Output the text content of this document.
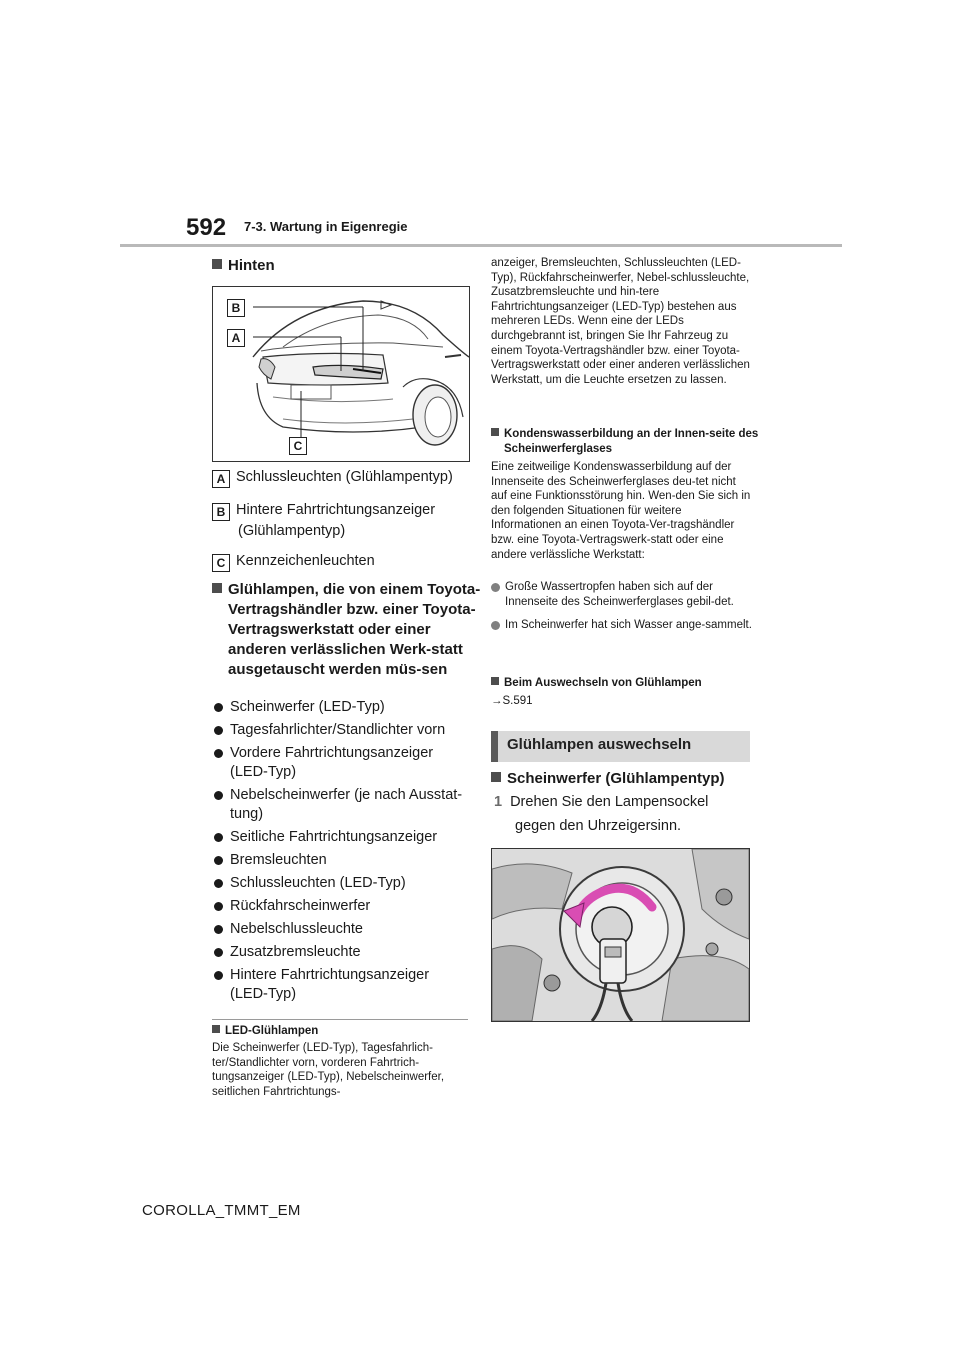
592 7-3. Wartung in Eigenregie
Hinten
B
A
C
A Schlussleuchten (Glühlampentyp)
B Hintere Fahrtrichtungsanzeiger
(Glühlampentyp)
C Kennzeichenleuchten
Glühlampen, die von einem Toyota-Vertragshändler bzw. einer Toyota-Vertragswerkstatt oder einer anderen verlässlichen Werk-statt ausgetauscht werden müs-sen
Scheinwerfer (LED-Typ)
Tagesfahrlichter/Standlichter vorn
Vordere Fahrtrichtungsanzeiger (LED-Typ)
Nebelscheinwerfer (je nach Ausstat-tung)
Seitliche Fahrtrichtungsanzeiger
Bremsleuchten
Schlussleuchten (LED-Typ)
Rückfahrscheinwerfer
Nebelschlussleuchte
Zusatzbremsleuchte
Hintere Fahrtrichtungsanzeiger (LED-Typ)
LED-Glühlampen
Die Scheinwerfer (LED-Typ), Tagesfahrlich-ter/Standlichter vorn, vorderen Fahrtrich-tungsanzeiger (LED-Typ), Nebelscheinwerfer, seitlichen Fahrtrichtungs-
anzeiger, Bremsleuchten, Schlussleuchten (LED-Typ), Rückfahrscheinwerfer, Nebel-schlussleuchte, Zusatzbremsleuchte und hin-tere Fahrtrichtungsanzeiger (LED-Typ) bestehen aus mehreren LEDs. Wenn eine der LEDs durchgebrannt ist, bringen Sie Ihr Fahrzeug zu einem Toyota-Vertragshändler bzw. einer Toyota-Vertragswerkstatt oder einer anderen verlässlichen Werkstatt, um die Leuchte ersetzen zu lassen.
Kondenswasserbildung an der Innen-seite des Scheinwerferglases
Eine zeitweilige Kondenswasserbildung auf der Innenseite des Scheinwerferglases deu-tet nicht auf eine Funktionsstörung hin. Wen-den Sie sich in den folgenden Situationen für weitere Informationen an einen Toyota-Ver-tragshändler bzw. eine Toyota-Vertragswerk-statt oder eine andere verlässliche Werkstatt:
Große Wassertropfen haben sich auf der Innenseite des Scheinwerferglases gebil-det.
Im Scheinwerfer hat sich Wasser ange-sammelt.
Beim Auswechseln von Glühlampen
→S.591
Glühlampen auswechseln
Scheinwerfer (Glühlampentyp)
1 Drehen Sie den Lampensockel
gegen den Uhrzeigersinn.
COROLLA_TMMT_EM
